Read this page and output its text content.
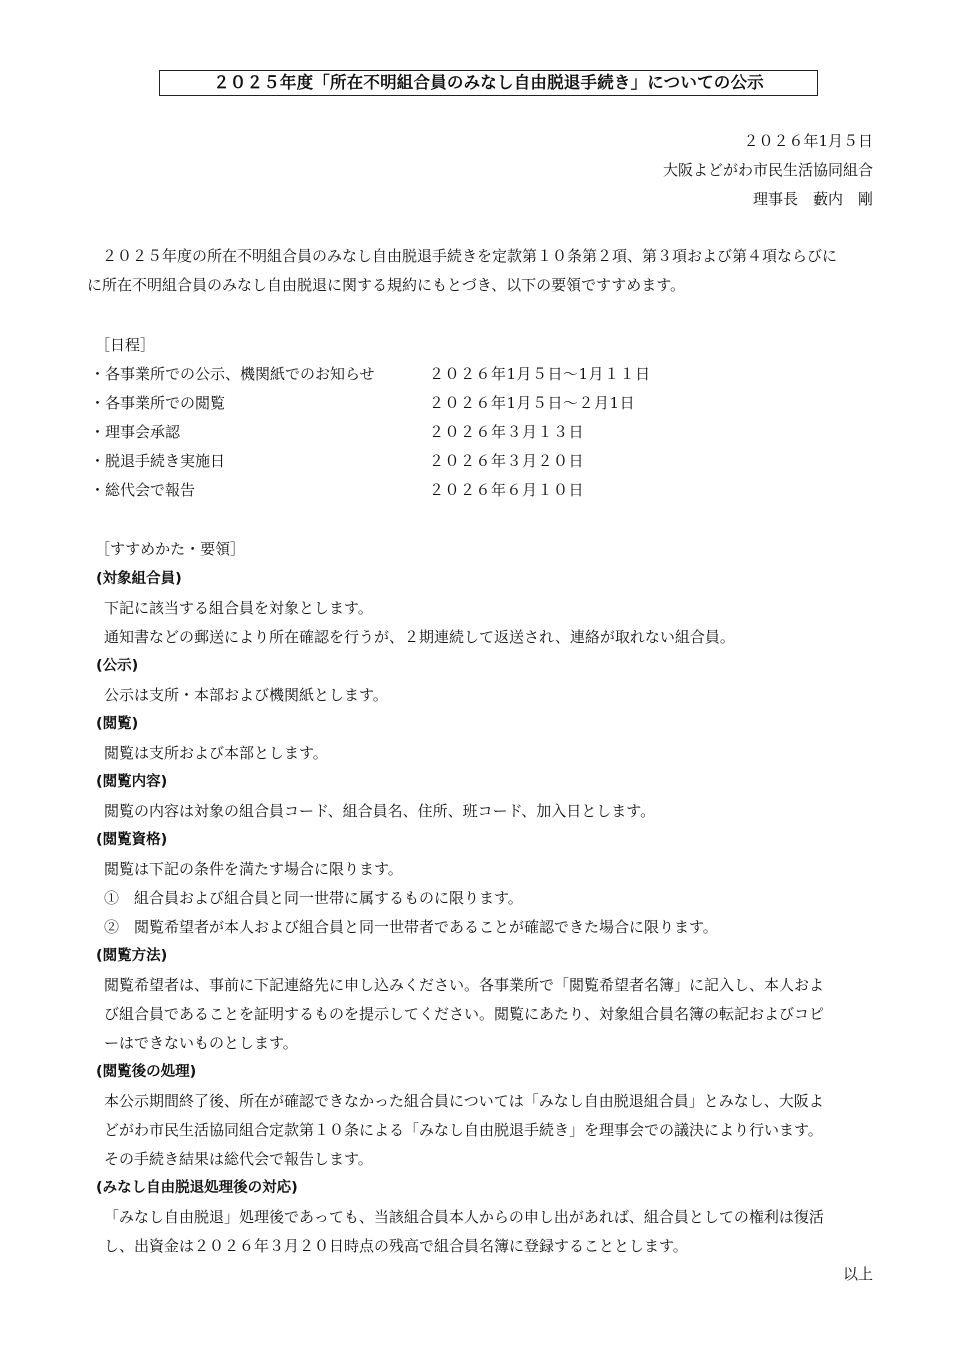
２０２５年度「所在不明組合員のみなし自由脱退手続き」についての公示
２０２６年1月５日
大阪よどがわ市民生活協同組合
理事長　藪内　剛
２０２５年度の所在不明組合員のみなし自由脱退手続きを定款第１０条第２項、第３項および第４項ならびに
に所在不明組合員のみなし自由脱退に関する規約にもとづき、以下の要領ですすめます。
［日程］
・各事業所での公示、機関紙でのお知らせ	２０２６年1月５日～1月１１日
・各事業所での閲覧	２０２６年1月５日～２月1日
・理事会承認	２０２６年３月１３日
・脱退手続き実施日	２０２６年３月２０日
・総代会で報告	２０２６年６月１０日
［すすめかた・要領］
(対象組合員)
下記に該当する組合員を対象とします。
通知書などの郵送により所在確認を行うが、２期連続して返送され、連絡が取れない組合員。
(公示)
公示は支所・本部および機関紙とします。
(閲覧)
閲覧は支所および本部とします。
(閲覧内容)
閲覧の内容は対象の組合員コード、組合員名、住所、班コード、加入日とします。
(閲覧資格)
閲覧は下記の条件を満たす場合に限ります。
①　組合員および組合員と同一世帯に属するものに限ります。
②　閲覧希望者が本人および組合員と同一世帯者であることが確認できた場合に限ります。
(閲覧方法)
閲覧希望者は、事前に下記連絡先に申し込みください。各事業所で「閲覧希望者名簿」に記入し、本人およ
び組合員であることを証明するものを提示してください。閲覧にあたり、対象組合員名簿の転記およびコピ
ーはできないものとします。
(閲覧後の処理)
本公示期間終了後、所在が確認できなかった組合員については「みなし自由脱退組合員」とみなし、大阪よ
どがわ市民生活協同組合定款第１０条による「みなし自由脱退手続き」を理事会での議決により行います。
その手続き結果は総代会で報告します。
(みなし自由脱退処理後の対応)
「みなし自由脱退」処理後であっても、当該組合員本人からの申し出があれば、組合員としての権利は復活
し、出資金は２０２６年３月２０日時点の残高で組合員名簿に登録することとします。
以上
